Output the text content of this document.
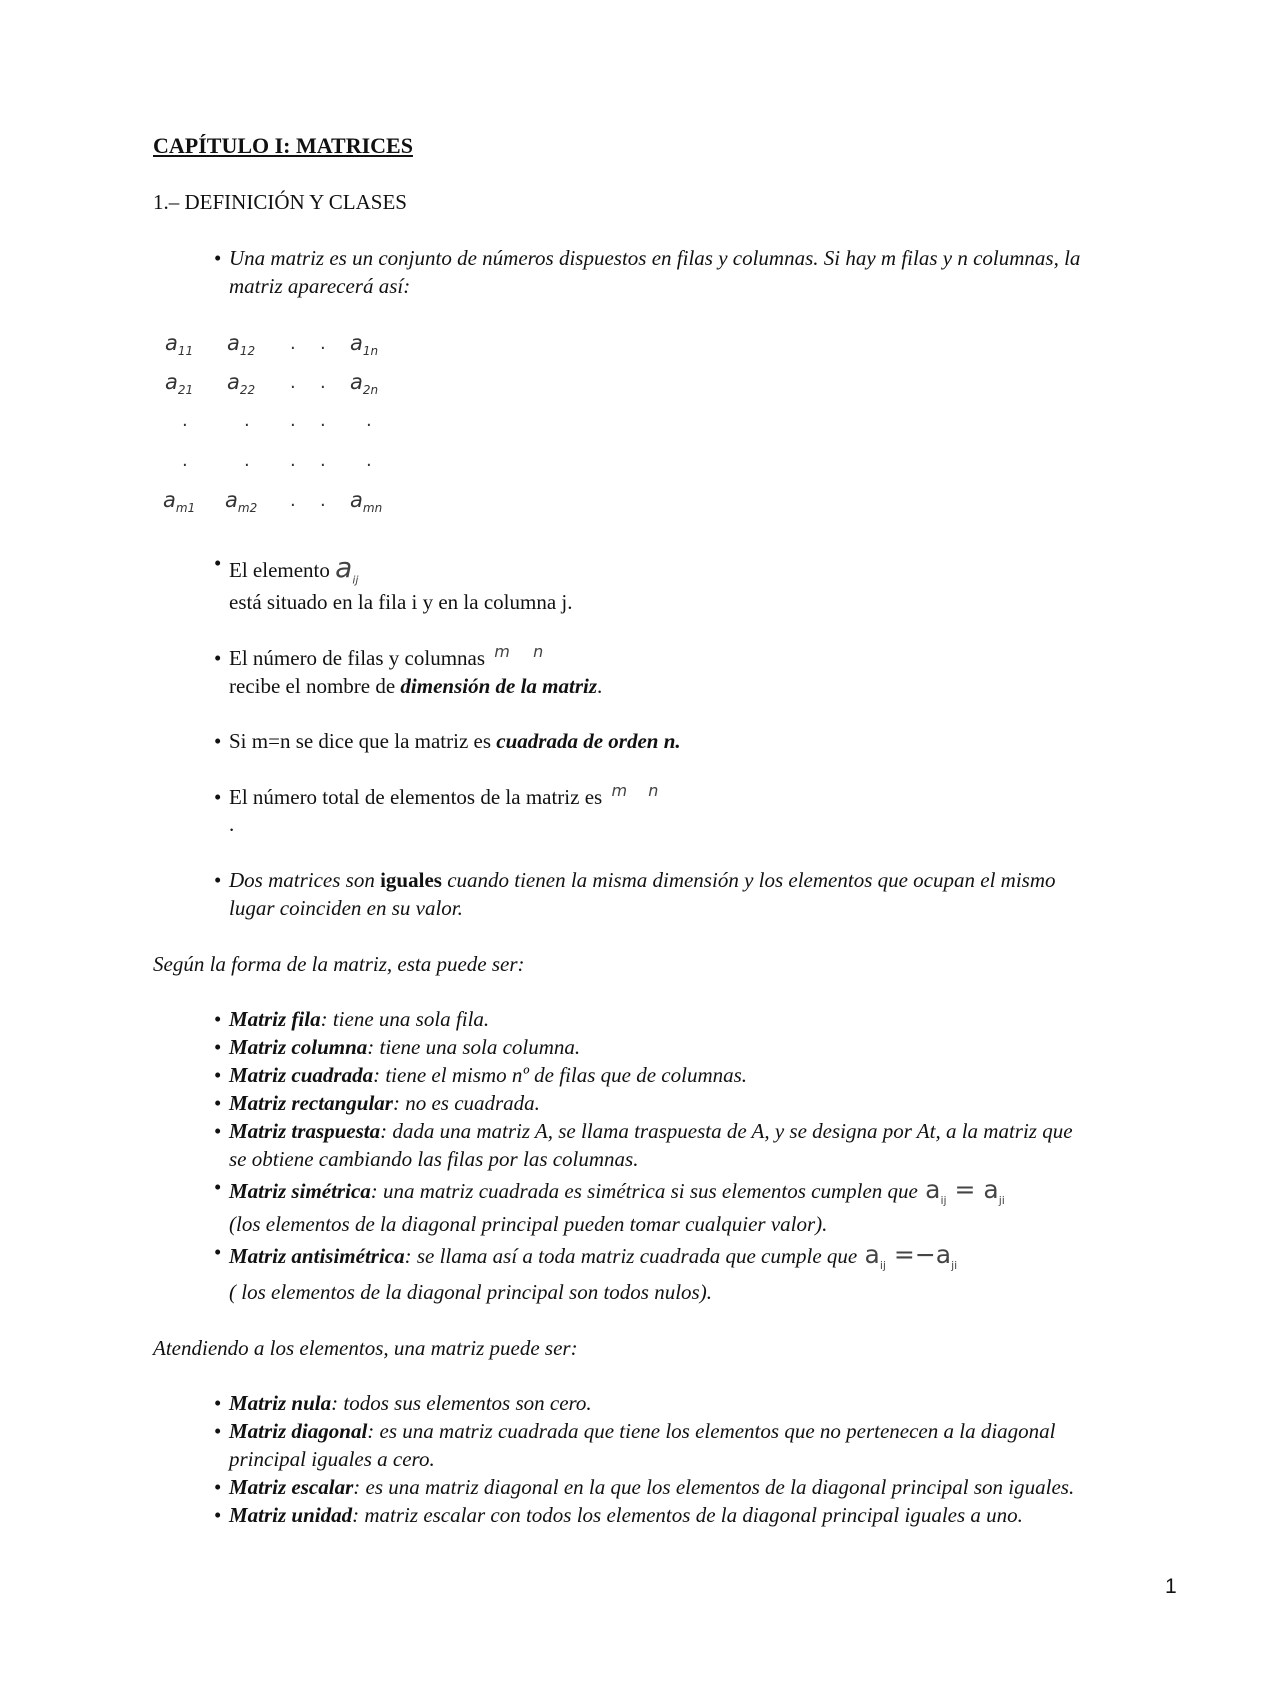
CAPÍTULO I: MATRICES
1.– DEFINICIÓN Y CLASES
• Una matriz es un conjunto de números dispuestos en filas y columnas. Si hay m filas y n columnas, la
matriz aparecerá así:
$a_{11}$ $a_{12}$ . . $a_{1n}$
$a_{21}$ $a_{22}$ . . $a_{2n}$
.	. . . .
.	. . . .
$a_{m1}$ $a_{m2}$ . . $a_{mn}$
• El elemento $a_{ij}$
está situado en la fila i y en la columna j.
• El número de filas y columnas $^m$ $^n$
recibe el nombre de dimensión de la matriz.
• Si m=n se dice que la matriz es cuadrada de orden n.
• El número total de elementos de la matriz es $^m$ $^n$
.
• Dos matrices son iguales cuando tienen la misma dimensión y los elementos que ocupan el mismo
lugar coinciden en su valor.
Según la forma de la matriz, esta puede ser:
• Matriz fila: tiene una sola fila.
• Matriz columna: tiene una sola columna.
• Matriz cuadrada: tiene el mismo nº de filas que de columnas.
• Matriz rectangular: no es cuadrada.
• Matriz traspuesta: dada una matriz A, se llama traspuesta de A, y se designa por At, a la matriz que
se obtiene cambiando las filas por las columnas.
• Matriz simétrica: una matriz cuadrada es simétrica si sus elementos cumplen que $a_{ij} = a_{ji}$
(los elementos de la diagonal principal pueden tomar cualquier valor).
• Matriz antisimétrica: se llama así a toda matriz cuadrada que cumple que $a_{ij} =-a_{ji}$
( los elementos de la diagonal principal son todos nulos).
Atendiendo a los elementos, una matriz puede ser:
• Matriz nula: todos sus elementos son cero.
• Matriz diagonal: es una matriz cuadrada que tiene los elementos que no pertenecen a la diagonal
principal iguales a cero.
• Matriz escalar: es una matriz diagonal en la que los elementos de la diagonal principal son iguales.
• Matriz unidad: matriz escalar con todos los elementos de la diagonal principal iguales a uno.
1
